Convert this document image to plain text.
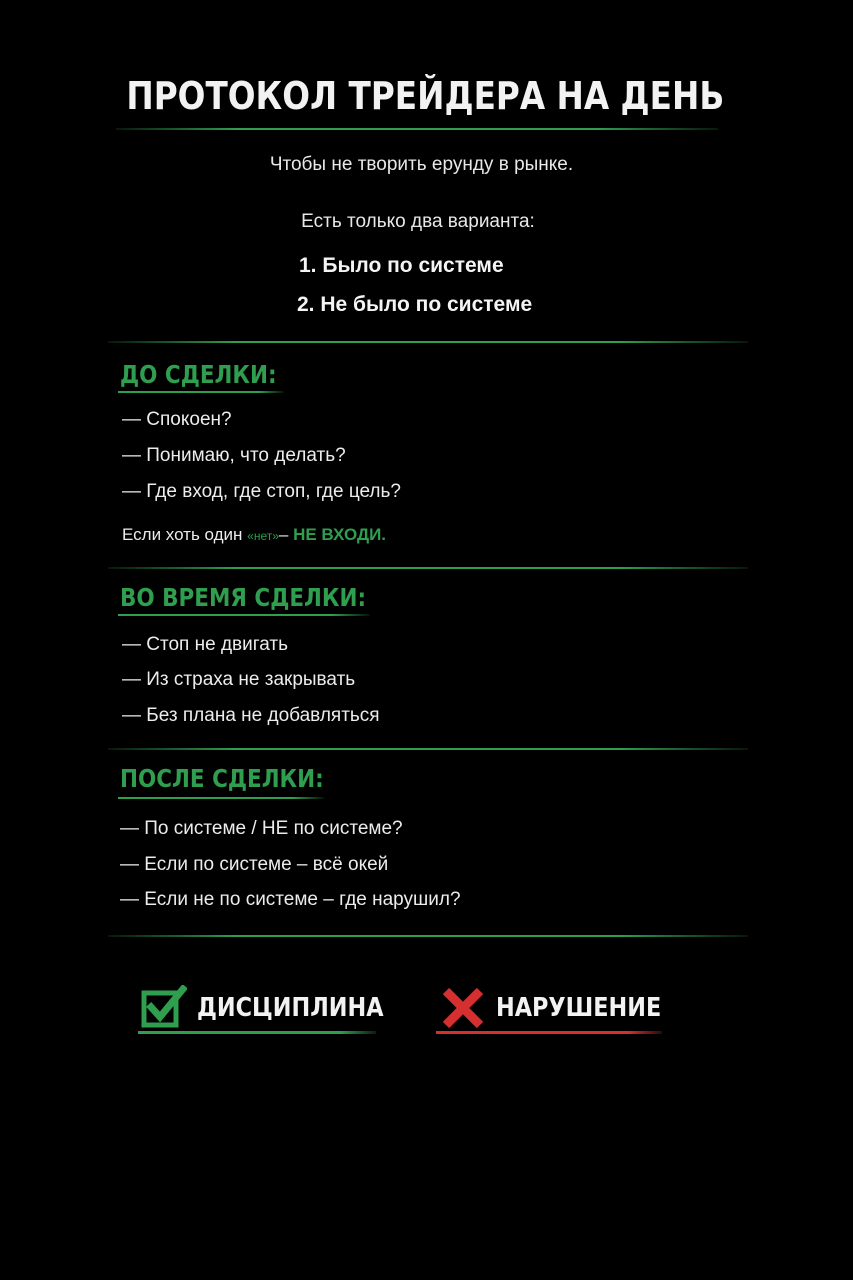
ПРОТОКОЛ ТРЕЙДЕРА НА ДЕНЬ
Чтобы не творить ерунду в рынке.
Есть только два варианта:
1. Было по системе
2. Не было по системе
ДО СДЕЛКИ:
— Спокоен?
— Понимаю, что делать?
— Где вход, где стоп, где цель?
Если хоть один «нет»– НЕ ВХОДИ.
ВО ВРЕМЯ СДЕЛКИ:
— Стоп не двигать
— Из страха не закрывать
— Без плана не добавляться
ПОСЛЕ СДЕЛКИ:
— По системе / НЕ по системе?
— Если по системе – всё окей
— Если не по системе – где нарушил?
ДИСЦИПЛИНА	НАРУШЕНИЕ
